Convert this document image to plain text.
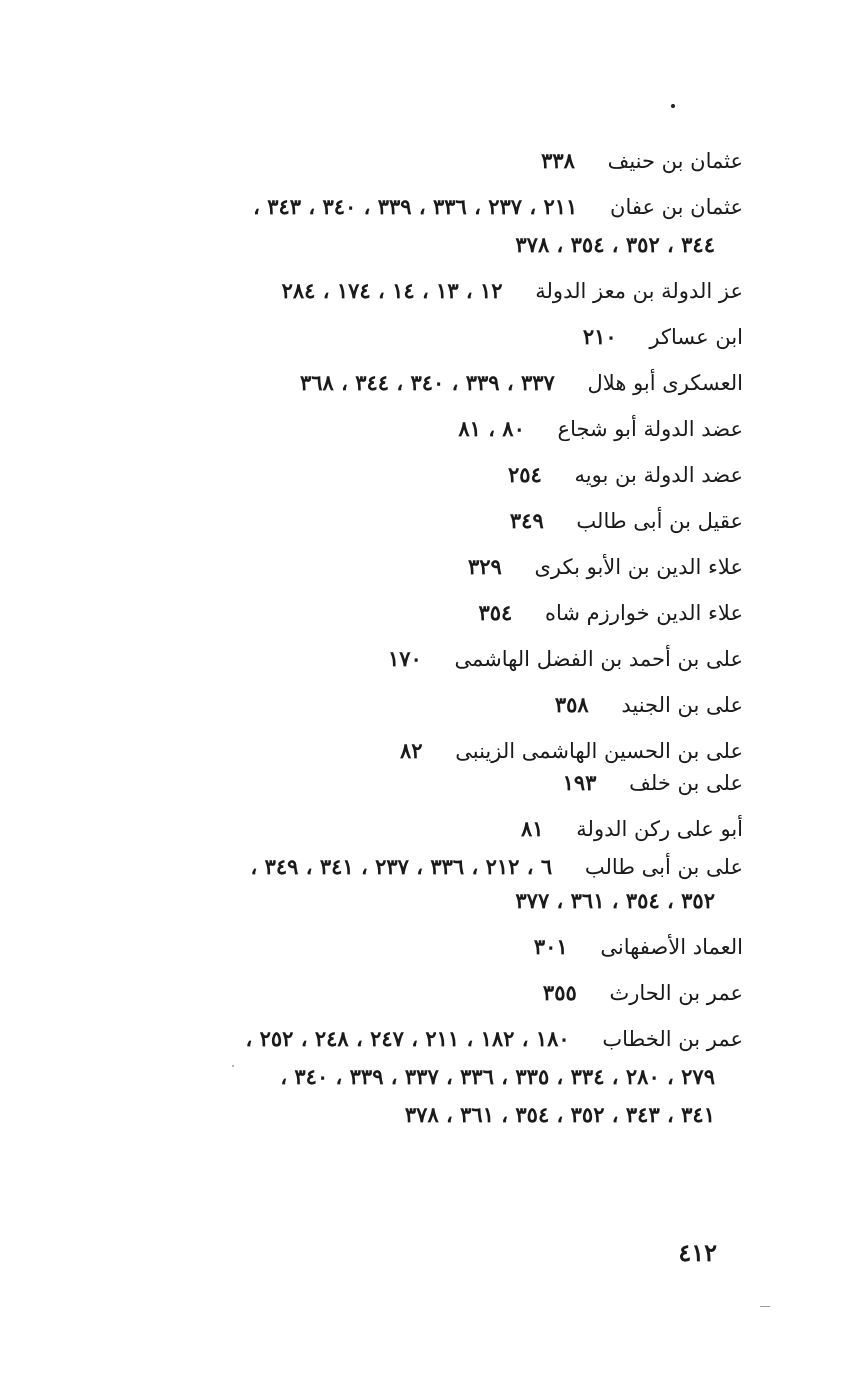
عثمان بن حنيف ٣٣٨
عثمان بن عفان ٢١١ ، ٢٣٧ ، ٣٣٦ ، ٣٣٩ ، ٣٤٠ ، ٣٤٣ ،
٣٤٤ ، ٣٥٢ ، ٣٥٤ ، ٣٧٨
عز الدولة بن معز الدولة ١٢ ، ١٣ ، ١٤ ، ١٧٤ ، ٢٨٤
ابن عساكر ٢١٠
العسكرى أبو هلال ٣٣٧ ، ٣٣٩ ، ٣٤٠ ، ٣٤٤ ، ٣٦٨
عضد الدولة أبو شجاع ٨٠ ، ٨١
عضد الدولة بن بويه ٢٥٤
عقيل بن أبى طالب ٣٤٩
علاء الدين بن الأبو بكرى ٣٢٩
علاء الدين خوارزم شاه ٣٥٤
على بن أحمد بن الفضل الهاشمى ١٧٠
على بن الجنيد ٣٥٨
على بن الحسين الهاشمى الزينبى ٨٢
على بن خلف ١٩٣
أبو على ركن الدولة ٨١
على بن أبى طالب ٦ ، ٢١٢ ، ٣٣٦ ، ٢٣٧ ، ٣٤١ ، ٣٤٩ ،
٣٥٢ ، ٣٥٤ ، ٣٦١ ، ٣٧٧
العماد الأصفهانى ٣٠١
عمر بن الحارث ٣٥٥
عمر بن الخطاب ١٨٠ ، ١٨٢ ، ٢١١ ، ٢٤٧ ، ٢٤٨ ، ٢٥٢ ،
٢٧٩ ، ٢٨٠ ، ٣٣٤ ، ٣٣٥ ، ٣٣٦ ، ٣٣٧ ، ٣٣٩ ، ٣٤٠ ،
٣٤١ ، ٣٤٣ ، ٣٥٢ ، ٣٥٤ ، ٣٦١ ، ٣٧٨
٤١٢
